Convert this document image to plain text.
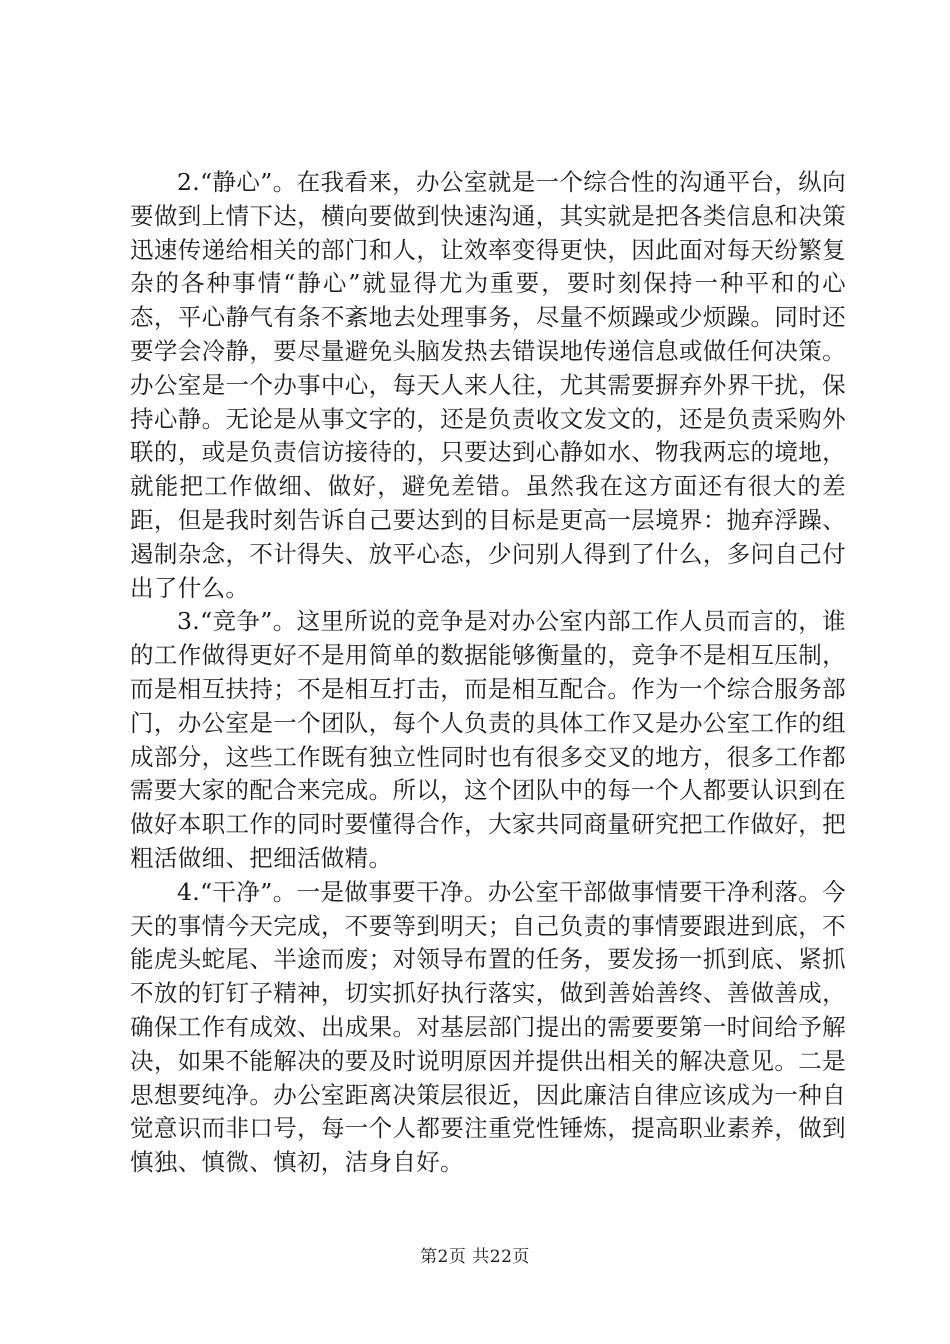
2.“静心”。在我看来，办公室就是一个综合性的沟通平台，纵向要做到上情下达，横向要做到快速沟通，其实就是把各类信息和决策迅速传递给相关的部门和人，让效率变得更快，因此面对每天纷繁复杂的各种事情“静心”就显得尤为重要，要时刻保持一种平和的心态，平心静气有条不紊地去处理事务，尽量不烦躁或少烦躁。同时还要学会冷静，要尽量避免头脑发热去错误地传递信息或做任何决策。办公室是一个办事中心，每天人来人往，尤其需要摒弃外界干扰，保持心静。无论是从事文字的，还是负责收文发文的，还是负责采购外联的，或是负责信访接待的，只要达到心静如水、物我两忘的境地，就能把工作做细、做好，避免差错。虽然我在这方面还有很大的差距，但是我时刻告诉自己要达到的目标是更高一层境界：抛弃浮躁、遏制杂念，不计得失、放平心态，少问别人得到了什么，多问自己付出了什么。

3.“竞争”。这里所说的竞争是对办公室内部工作人员而言的，谁的工作做得更好不是用简单的数据能够衡量的，竞争不是相互压制，而是相互扶持；不是相互打击，而是相互配合。作为一个综合服务部门，办公室是一个团队，每个人负责的具体工作又是办公室工作的组成部分，这些工作既有独立性同时也有很多交叉的地方，很多工作都需要大家的配合来完成。所以，这个团队中的每一个人都要认识到在做好本职工作的同时要懂得合作，大家共同商量研究把工作做好，把粗活做细、把细活做精。

4.“干净”。一是做事要干净。办公室干部做事情要干净利落。今天的事情今天完成，不要等到明天；自己负责的事情要跟进到底，不能虎头蛇尾、半途而废；对领导布置的任务，要发扬一抓到底、紧抓不放的钉钉子精神，切实抓好执行落实，做到善始善终、善做善成，确保工作有成效、出成果。对基层部门提出的需要要第一时间给予解决，如果不能解决的要及时说明原因并提供出相关的解决意见。二是思想要纯净。办公室距离决策层很近，因此廉洁自律应该成为一种自觉意识而非口号，每一个人都要注重党性锤炼，提高职业素养，做到慎独、慎微、慎初，洁身自好。

第2页 共22页
